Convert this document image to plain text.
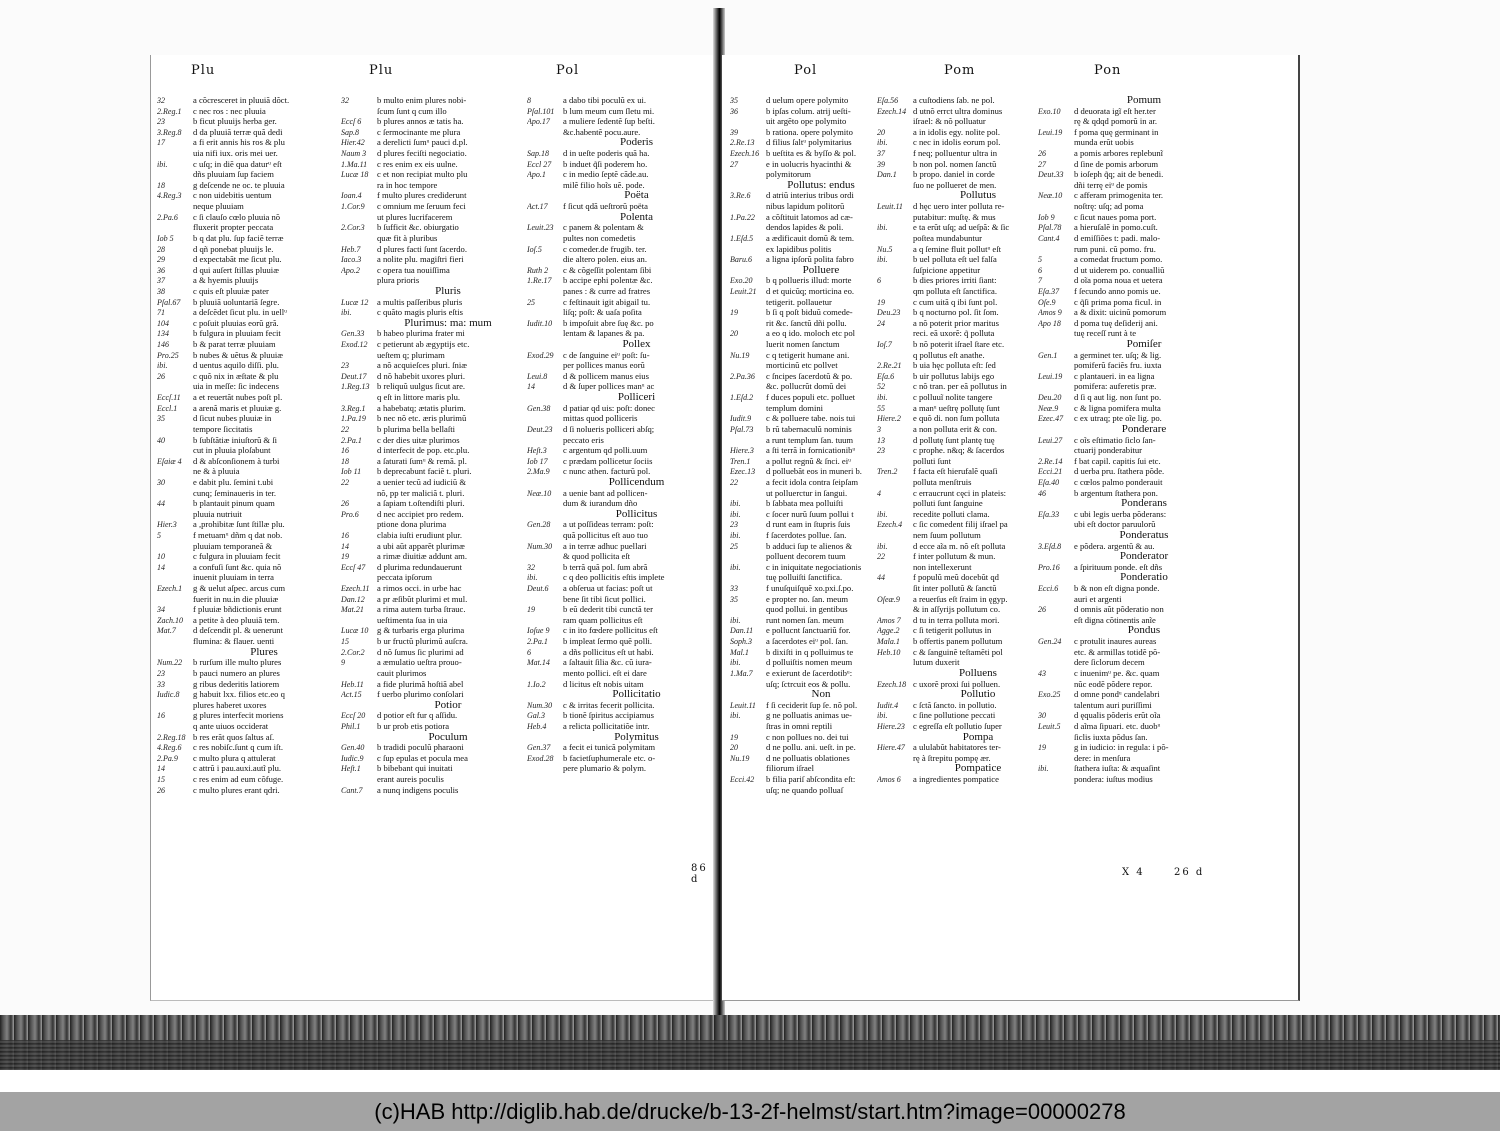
Plu	Plu	Pol
32	a cõcresceret in pluuiã dõct.
2.Reg.1 c nec ros : nec pluuia
23	b ficut pluuijs herba ger.
3.Reg.8 d da pluuiã terræ quã dedi
17	a fi erit annis his ros & plu
uia nifi iux. oris mei uer.
ibi.	c uſq; in diẽ qua daturᵘ eſt
dñs pluuiam ſup faciem
18	g deſcende ne oc. te pluuia
4.Reg.3 c non uidebitis uentum
neque pluuiam
2.Pa.6 c ſi clauſo cœlo pluuia nõ
fluxerit propter peccata
Iob 5 b q dat plu. ſup faciẽ terræ
28	d qñ ponebat pluuijs le.
29	d expectabãt me ſicut plu.
36	d qui auſert ſtillas pluuiæ
37	a & hyemis pluuijs
38	c quis eſt pluuiæ pater
Pſal.67 b pluuiã uoluntariã ſegre.
71	a deſcẽdet ſicut plu. in uellᵘ
104	c poſuit pluuias eorũ grã.
134	b fulgura in pluuiam fecit
146	b & parat terræ pluuiam
Pro.25 b nubes & uẽtus & pluuiæ
ibi.	d uentus aquilo diſſi. plu.
26	c quõ nix in æſtate & plu
uia in meſſe: ſic indecens
Eccſ.11 a et reuertãt nubes poſt pl.
Eccl.1 a arenã maris et pluuiæ g.
35	d ſicut nubes pluuiæ in
tempore ſiccitatis
40	b ſubſtãtiæ iniuſtorũ & ſi
cut in pluuia ploſabunt
Eſaiæ 4 d & abſconſionem à turbi
ne & à pluuia
30	e dabit plu. ſemini t.ubi
cunq; ſeminaueris in ter.
44	b plantauit pinum quam
pluuia nutriuit
Hier.3 a ,prohibitæ ſunt ſtillæ plu.
5	f metuamᵘ dñm q dat nob.
pluuiam temporaneã &
10	c fulgura in pluuiam fecit
14	a confuſi ſunt &c. quia nõ
inuenit pluuiam in terra
Ezech.1 g & uelut aſpec. arcus cum
fuerit in nu.in die pluuiæ
34	f pluuiæ bñdictionis erunt
Zach.10 a petite à deo pluuiã tem.
Mat.7 d deſcendit pl. & uenerunt
flumina: & flauer. uenti
Plures
Num.22 b rurſum ille multo plures
23	b pauci numero an plures
33	g ribus dederitis latiorem
Iudic.8 g habuit lxx. filios etc.eo q
plures haberet uxores
16	g plures interfecit moriens
q ante uiuos occiderat
2.Reg.18 b res erãt quos ſaltus aſ.
4.Reg.6 c res nobiſc.ſunt q cum iſt.
2.Pa.9 c multo plura q attulerat
14	c attrũ i pau.auxi.autĩ plu.
15	c res enim ad eum cõfuge.
26	c multo plures erant qdri.
32	b multo enim plures nobi-
ſcum ſunt q cum illo
Eccſ 6 b plures annos æ tatis ha.
Sap.8 c ſermocinante me plura
Hier.42 a derelicti ſumᵘ pauci d.pl.
Naum 3 d plures feciſti negociatio.
1.Ma.11 c res enim ex eis uulne.
Lucæ 18 c et non recipiat multo plu
ra in hoc tempore
Ioan.4 f multo plures crediderunt
1.Cor.9 c omnium me ſeruum feci
ut plures lucrifacerem
2.Cor.3 b ſufficit &c. obiurgatio
quæ fit à pluribus
Heb.7 d plures facti ſunt ſacerdo.
Iaco.3 a nolite plu. magiſtri fieri
Apo.2 c opera tua nouiſſima
plura prioris
Pluris
Lucæ 12 a multis paſſeribus pluris
ibi.	c quãto magis pluris eſtis
Plurimus: ma: mum
Gen.33 b habeo plurima frater mi
Exod.12 c petierunt ab ægyptijs etc.
ueſtem q; plurimam
23	a nõ acquieſces pluri. ſniæ
Deut.17 d nõ habebit uxores pluri.
1.Reg.13 b reliquũ uulgus ſicut are.
q eſt in littore maris plu.
3.Reg.1 a habebatq; ætatis plurim.
1.Pa.19 b nec nõ etc. æris plurimũ
22	b plurima bella bellaſti
2.Pa.1 c der dies uitæ plurimos
16	d interfecit de pop. etc.plu.
18	a ſaturati ſumᵘ & remã. pl.
Iob 11 b deprecabunt faciẽ t. pluri.
22	a uenier tecũ ad iudiciũ &
nõ, pp ter maliciã t. pluri.
26	a ſapiam t.oſtendiſti pluri.
Pro.6 d nec accipiet pro redem.
ptione dona plurima
16	clabia iuſti erudiunt plur.
14	a ubi aũt apparẽt plurimæ
19	a rimæ diuitiæ addunt am.
Eccſ 47 d plurima redundauerunt
peccata ipſorum
Ezech.11 a rimos occi. in urbe hac
Dan.12 a pr æſibũt plurimi et mul.
Mat.21 a rima autem turba ſtrauc.
ueſtimenta ſua in uia
Lucæ 10 g & turbaris erga plurima
15	b ur fructũ plurimũ auſcra.
2.Cor.2 d nõ ſumus ſic plurimi ad
9	a æmulatio ueſtra prouo-
cauit plurimos
Heb.11 a fide plurimã hoſtiã abel
Act.15 f uerbo plurimo conſolari
Potior
Eccſ 20 d potior eſt fur q aſſidu.
Phil.1 b ur prob etis potiora
Poculum
Gen.40 b tradidi poculũ pharaoni
Iudic.9 c ſup epulas et pocula mea
Heſt.1 b bibebant qui inuitati
erant aureis poculis
Cant.7 a nunq indigens poculis
8	a dabo tibi poculũ ex ui.
Pſal.101 b lum meum cum ſletu mi.
Apo.17 a muliere ſedentẽ ſup beſti.
&c.habentẽ pocu.aure.
Poderis
Sap.18 d in ueſte poderis quã ha.
Eccl 27 b induet q̃ſi poderem ho.
Apo.1 c in medio ſeptẽ cãde.au.
milẽ filio hoĩs uẽ. pode.
Poëta
Act.17 f ſicut qdã ueſtrorũ poëta
Polenta
Leuit.23 c panem & polentam &
pultes non comedetis
Ioſ.5 c comeder.de frugib. ter.
die altero polen. eius an.
Ruth 2 c & cõgeſſit polentam ſibi
1.Re.17 b accipe ephi polentæ &c.
panes : & curre ad fratres
25	c feſtinauit igit abigail tu.
liſq; poſt: & uaſa poſita
Iudit.10 b impoſuit abre ſuę &c. po
lentam & lapanes & pa.
Pollex
Exod.29 c de ſanguine eiᵘ poſt: ſu-
per pollices manus eorũ
Leui.8 d & pollicem manus eius
14	d & ſuper pollices manᵘ ac
Polliceri
Gen.38 d patiar qd uis: poſt: donec
mittas quod polliceris
Deut.23 d ſi nolueris polliceri abſq;
peccato eris
Heſt.3 c argentum qd polli.uum
Iob 17 c prædam pollicetur ſociis
2.Ma.9 c nunc athen. facturũ pol.
Pollicendum
Neæ.10 a uenie bant ad pollicen-
dum & iurandum dño
Pollicitus
Gen.28 a ut poſſideas terram: poſt:
quã pollicitus eſt auo tuo
Num.30 a in terræ adhuc puellari
& quod pollicita eſt
32	b terrã quã pol. ſum abrã
ibi.	c q deo pollicitis eſtis implete
Deut.6 a obſerua ut facias: poſt ut
bene ſit tibi ſicut pollici.
19	b eũ dederit tibi cunctã ter
ram quam pollicitus eſt
Ioſue 9 c in ito fœdere pollicitus eſt
2.Pa.1 b impleat ſermo quẽ polli.
6	a dñs pollicitus eſt ut habi.
Mat.14 a ſaltauit ſilia &c. cũ iura-
mento pollici. eſt ei dare
1.Io.2 d licitus eſt nobis uitam
Pollicitatio
Num.30 c & irritas fecerit pollicita.
Gal.3 b tionẽ ſpiritus accipiamus
Heb.4 a relicta pollicitatiõe intr.
Polymitus
Gen.37 a fecit ei tunicã polymitam
Exod.28 b facietſuphumerale etc. o-
pere plumario & polym.
86 d
Pol	Pom	Pon
35	d uelum opere polymito
36	b ipſas colum. atrij ueſti-
uit argẽto ope polymito
39	b rationa. opere polymito
2.Re.13 d filius ſaltᵘ polymitarius
Ezech.16 b ueſtita es & byſſo & pol.
27	e in uolucris hyacinthi &
polymitorum
Pollutus: endus
3.Re.6 d atriũ interius tribus ordi
nibus lapidum politorũ
1.Pa.22 a cõſtituit latomos ad cæ-
dendos lapides & poli.
1.Eſd.5 a ædificauit domũ & tem.
ex lapidibus politis
Baru.6 a ligna ipſorũ polita fabro
Polluere
Exo.20 b q pollueris illud: morte
Leuit.21 d et quicũq; morticina eo.
tetigerit. pollauetur
19	b ſi q poſt biduũ comede-
rit &c. ſanctũ dñi pollu.
20	a eo q ido. moloch etc pol
luerit nomen ſanctum
Nu.19 c q tetigerit humane ani.
morticinũ etc pollvet
2.Pa.36 c ſncipes ſacerdotũ & po.
&c. pollucrũt domũ dei
1.Eſd.2 f duces populi etc. polluet
templum domini
Iudit.9 c & polluere tabe. nois tui
Pſal.73 b rũ tabernaculũ nominis
a runt templum ſan. tuum
Hiere.3 a ſti terrã in fornicationibᵘ
Tren.1 a pollut regnũ & ſnci. eiᵘ
Ezec.13 d polluebãt eos in muneri b.
22	a fecit idola contra ſeipſam
ut polluerctur in ſangui.
ibi.	b ſabbata mea polluiſti
ibi.	c ſocer nurũ ſuum pollui t
23	d runt eam in ſtupris ſuis
ibi.	f ſacerdotes pollue. ſan.
25	b adduci ſup te alienos &
polluent decorem tuum
ibi.	c in iniquitate negociationis
tuę polluiſti ſanctifica.
33	f unuſquiſquẽ xo.pxi.ſ.po.
35	e propter no. ſan. meum
quod pollui. in gentibus
ibi.	runt nomen ſan. meum
Dan.11 e pollucnt ſanctuariũ for.
Soph.3 a ſacerdotes eiᵘ pol. ſan.
Mal.1 b dixiſti in q polluimus te
ibi.	d polluiſtis nomen meum
1.Ma.7 e exierunt de ſacerdotibᵘ:
uſq; ſctrcuit eos & pollu.
Non
Leuit.11 f ſi ceciderit ſup ſe. nõ pol.
ibi.	g ne polluatis animas ue-
ſtras in omni reptili
19	c non pollues no. dei tui
20	d ne pollu. ani. ueſt. in pe.
Nu.19 d ne polluatis oblationes
filiorum iſrael
Ecci.42 b filia pariſ abſcondita eſt:
uſq; ne quando polluaſ
Eſa.56 a cuſtodiens ſab. ne pol.
Ezech.14 d utnõ errct ultra dominus
iſrael: & nõ polluatur
20	a in idolis egy. nolite pol.
ibi.	c nec in idolis eorum pol.
37	f neq; polluentur ultra in
39	b non pol. nomen ſanctũ
Dan.1 b propo. daniel in corde
ſuo ne pollueret de men.
Pollutus
Leuit.11 d hęc uero inter polluta re-
putabitur: muſtę. & mus
ibi.	e ta erũt uſq; ad ueſpã: & ſic
poſtea mundabuntur
Nu.5 a q ſemine fluit pollutᵘ eſt
ibi.	b uel polluta eſt uel falſa
ſuſpicione appetitur
6	b dies priores irriti ſiant:
qm polluta eſt ſanctifica.
19	c cum uitã q ibi ſunt pol.
Deu.23 b q nocturno pol. ſit ſom.
24	a nõ poterit prior maritus
reci. eã uxorẽ: q̃ polluta
Ioſ.7 b nõ poterit iſrael ſtare etc.
q pollutus eſt anathe.
2.Re.21 b uia hęc polluta eſt: ſed
Eſa.6 b uir pollutus labijs ego
52	c nõ tran. per eã pollutus in
ibi.	c polluuĩ nolite tangere
55	a manᵘ ueſtrę pollutę ſunt
Hiere.2 e quõ di. non ſum polluta
3	a non polluta erit & con.
13	d pollutę ſunt plantę tuę
23	c prophe. n&q; & ſacerdos
polluti ſunt
Tren.2 f facta eſt hierufalẽ quaſi
polluta menſtruis
4	c erraucrunt cęci in plateis:
polluti ſunt ſanguine
ibi.	recedite polluti clama.
Ezech.4 c ſic comedent filij iſrael pa
nem ſuum pollutum
ibi.	d ecce aĩa m. nõ eſt polluta
22	f inter pollutum & mun.
non intellexerunt
44	f populũ meũ docebũt qd
ſit inter pollutũ & ſanctũ
Oſeæ.9 a reuerſus eſt ſraim in ęgyp.
& in aſſyrijs pollutum co.
Amos 7 d tu in terra polluta mori.
Agge.2 c ſi tetigerit pollutus in
Mala.1 b offertis panem pollutum
Heb.10 c & ſanguinẽ teſtamẽti pol
lutum duxerit
Polluens
Ezech.18 c uxorẽ proxi ſui polluen.
Pollutio
Iudit.4 c ſctã ſancto. in pollutio.
ibi.	c ſine pollutione peccati
Hiere.23 c egreſſa eſt pollutio ſuper
Pompa
Hiere.47 a ululabũt habitatores ter-
rę à ſtrepitu pompę ær.
Pompatice
Amos 6 a ingredientes pompatice
Pomum
Exo.10 d deuorata igĩ eſt her.ter
rę & qdqd pomorũ in ar.
Leui.19 f poma quę germinant in
munda erũt uobis
26	a pomis arbores replebunĩ
27	d ſine de pomis arborum
Deut.33 b ioſeph q̃q; ait de benedi.
dñi terrę eiᵘ de pomis
Neæ.10 c afferam primogenita ter.
noſtrę: uſq; ad poma
Iob 9 c ſicut naues poma port.
Pſal.78 a hieruſalẽ in pomo.cuſt.
Cant.4 d emiſſiões t: padi. malo-
rum puni. cũ pomo. fru.
5	a comedat fructum pomo.
6	d ut uiderem po. conualliũ
7	d oĩa poma noua et uetera
Eſa.37 f ſecundo anno pomis ue.
Oſe.9 c q̃ſi prima poma ficul. in
Amos 9 a & dixit: uicinũ pomorum
Apo 18 d poma tuę deſiderij ani.
tuę receſſ runt à te
Pomiſer
Gen.1 a germinet ter. uſq; & lig.
pomiferũ faciẽs fru. iuxta
Leui.19 c plantaueri. in ea ligna
pomifera: auferetis præ.
Deu.20 d ſi q aut lig. non ſunt po.
Neæ.9 c & ligna pomifera multa
Ezec.47 c ex utraq; pte oĩe lig. po.
Ponderare
Leui.27 c oĩs eſtimatio ſiclo ſan-
ctuarij ponderabitur
2.Re.14 f bat capil. capitis ſui etc.
Ecci.21 d uerba pru. ſtathera põde.
Eſa.40 c cœlos palmo ponderauit
46	b argentum ſtathera pon.
Ponderans
Eſa.33 c ubi legis uerba põderans:
ubi eſt doctor paruulorũ
Ponderatus
3.Eſd.8 e põdera. argentũ & au.
Ponderator
Pro.16 a ſpirituum ponde. eſt dñs
Ponderatio
Ecci.6 b & non eſt digna ponde.
auri et argenti
26	d omnis aũt põderatio non
eſt digna cõtinentis anĩe
Pondus
Gen.24 c protulit inaures aureas
etc. & armillas totidẽ põ-
dere ſiclorum decem
43	c inuenimᵘ pe. &c. quam
nũc eodẽ põdere repor.
Exo.25 d omne pondᵘ candelabri
talentum auri puriſſimi
30	d ęqualis põderis erũt oĩa
Leuit.5 d aĩma ſipuari. etc. duobᵘ
ſiclis iuxta põdus ſan.
19	g in iudicio: in regula: i põ-
dere: in menſura
ibi.	ſtathera iuſta: & æquaſint
pondera: iuſtus modius
X 4	26 d
(c)HAB http://diglib.hab.de/drucke/b-13-2f-helmst/start.htm?image=00000278
